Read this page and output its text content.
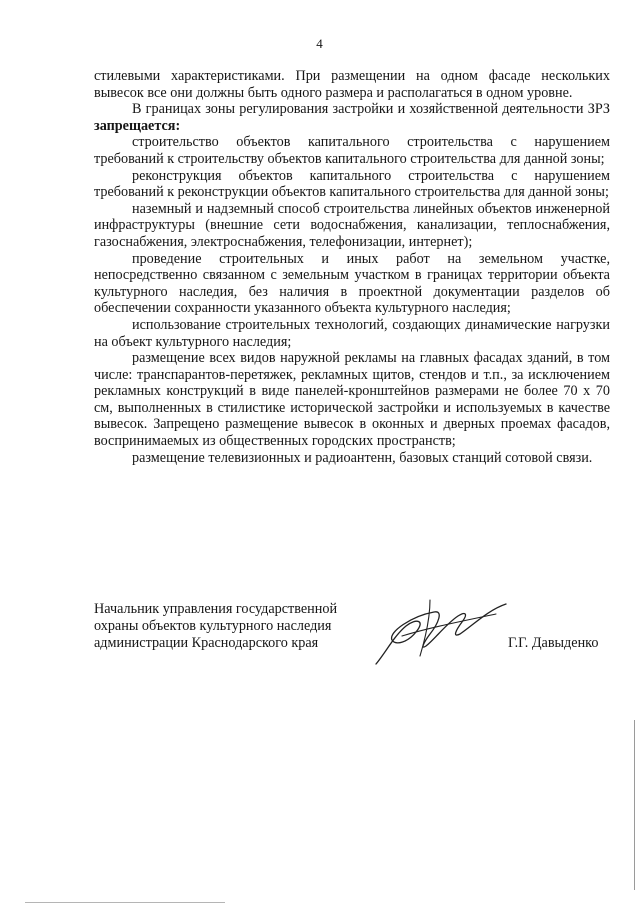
4

стилевыми характеристиками. При размещении на одном фасаде нескольких вывесок все они должны быть одного размера и располагаться в одном уровне.

В границах зоны регулирования застройки и хозяйственной деятельности ЗРЗ запрещается:

строительство объектов капитального строительства с нарушением требований к строительству объектов капитального строительства для данной зоны;

реконструкция объектов капитального строительства с нарушением требований к реконструкции объектов капитального строительства для данной зоны;

наземный и надземный способ строительства линейных объектов инженерной инфраструктуры (внешние сети водоснабжения, канализации, теплоснабжения, газоснабжения, электроснабжения, телефонизации, интернет);

проведение строительных и иных работ на земельном участке, непосредственно связанном с земельным участком в границах территории объекта культурного наследия, без наличия в проектной документации разделов об обеспечении сохранности указанного объекта культурного наследия;

использование строительных технологий, создающих динамические нагрузки на объект культурного наследия;

размещение всех видов наружной рекламы на главных фасадах зданий, в том числе: транспарантов-перетяжек, рекламных щитов, стендов и т.п., за исключением рекламных конструкций в виде панелей-кронштейнов размерами не более 70 х 70 см, выполненных в стилистике исторической застройки и используемых в качестве вывесок. Запрещено размещение вывесок в оконных и дверных проемах фасадов, воспринимаемых из общественных городских пространств;

размещение телевизионных и радиоантенн, базовых станций сотовой связи.

Начальник управления государственной
охраны объектов культурного наследия
администрации Краснодарского края	Г.Г. Давыденко
